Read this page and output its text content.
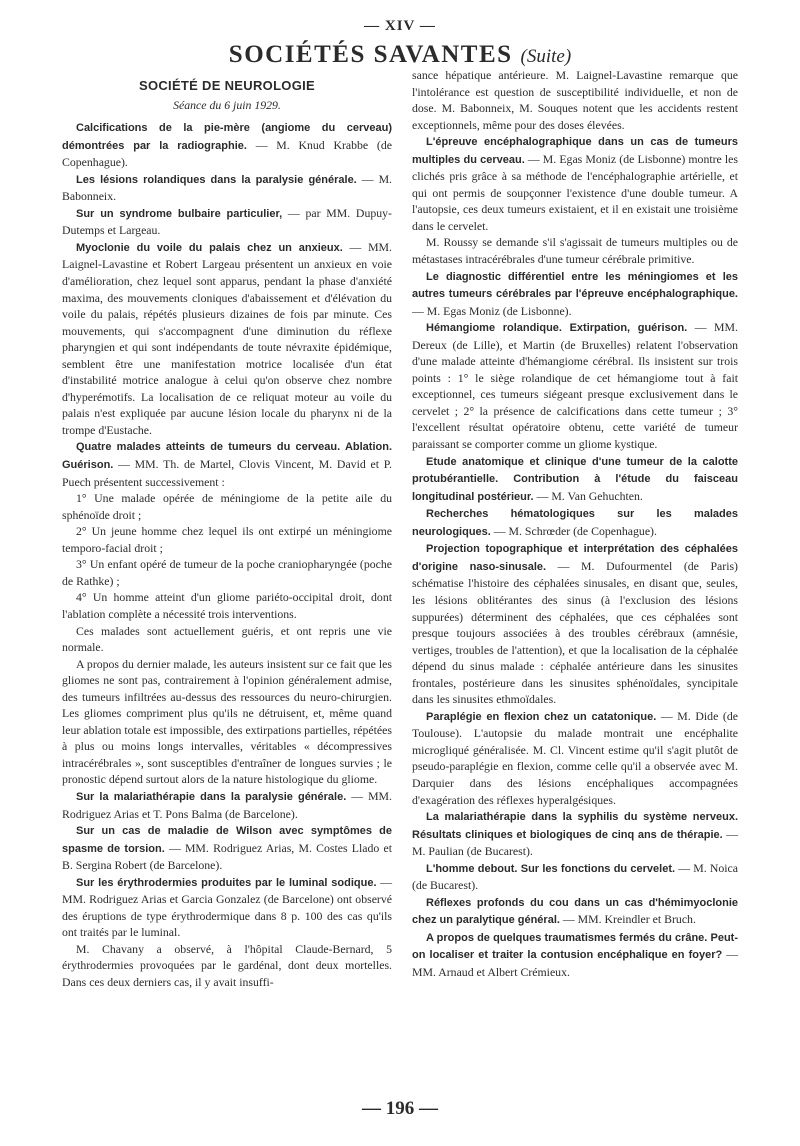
— XIV —
SOCIÉTÉS SAVANTES (Suite)
SOCIÉTÉ DE NEUROLOGIE
Séance du 6 juin 1929.

Calcifications de la pie-mère (angiome du cerveau) démontrées par la radiographie. — M. Knud Krabbe (de Copenhague).

Les lésions rolandiques dans la paralysie générale. — M. Babonneix.

Sur un syndrome bulbaire particulier, — par MM. Dupuy-Dutemps et Largeau.

Myoclonie du voile du palais chez un anxieux. — MM. Laignel-Lavastine et Robert Largeau présentent un anxieux en voie d'amélioration, chez lequel sont apparus, pendant la phase d'anxiété maxima, des mouvements cloniques d'abaissement et d'élévation du voile du palais, répétés plusieurs dizaines de fois par minute. Ces mouvements, qui s'accompagnent d'une diminution du réflexe pharyngien et qui sont indépendants de toute névraxite épidémique, semblent être une manifestation motrice localisée d'un état d'instabilité motrice analogue à celui qu'on observe chez nombre d'hyperémotifs. La localisation de ce reliquat moteur au voile du palais n'est expliquée par aucune lésion locale du pharynx ni de la trompe d'Eustache.

Quatre malades atteints de tumeurs du cerveau. Ablation. Guérison. — MM. Th. de Martel, Clovis Vincent, M. David et P. Puech présentent successivement :

1° Une malade opérée de méningiome de la petite aile du sphénoïde droit ;

2° Un jeune homme chez lequel ils ont extirpé un méningiome temporo-facial droit ;

3° Un enfant opéré de tumeur de la poche craniopharyngée (poche de Rathke) ;

4° Un homme atteint d'un gliome pariéto-occipital droit, dont l'ablation complète a nécessité trois interventions.

Ces malades sont actuellement guéris, et ont repris une vie normale.

A propos du dernier malade, les auteurs insistent sur ce fait que les gliomes ne sont pas, contrairement à l'opinion généralement admise, des tumeurs infiltrées au-dessus des ressources du neuro-chirurgien. Les gliomes compriment plus qu'ils ne détruisent, et, même quand leur ablation totale est impossible, des extirpations partielles, répétées à plus ou moins longs intervalles, véritables « décompressives intracérébrales », sont susceptibles d'entraîner de longues survies ; le pronostic dépend surtout alors de la nature histologique du gliome.

Sur la malariathérapie dans la paralysie générale. — MM. Rodriguez Arias et T. Pons Balma (de Barcelone).

Sur un cas de maladie de Wilson avec symptômes de spasme de torsion. — MM. Rodriguez Arias, M. Costes Llado et B. Sergina Robert (de Barcelone).

Sur les érythrodermies produites par le luminal sodique. — MM. Rodriguez Arias et Garcia Gonzalez (de Barcelone) ont observé des éruptions de type érythrodermique dans 8 p. 100 des cas qu'ils ont traités par le luminal.

M. Chavany a observé, à l'hôpital Claude-Bernard, 5 érythrodermies provoquées par le gardénal, dont deux mortelles. Dans ces deux derniers cas, il y avait insuffi-

sance hépatique antérieure. M. Laignel-Lavastine remarque que l'intolérance est question de susceptibilité individuelle, et non de dose. M. Babonneix, M. Souques notent que les accidents restent exceptionnels, même pour des doses élevées.

L'épreuve encéphalographique dans un cas de tumeurs multiples du cerveau. — M. Egas Moniz (de Lisbonne) montre les clichés pris grâce à sa méthode de l'encéphalographie artérielle, et qui ont permis de soupçonner l'existence d'une double tumeur. A l'autopsie, ces deux tumeurs existaient, et il en existait une troisième dans le cervelet.

M. Roussy se demande s'il s'agissait de tumeurs multiples ou de métastases intracérébrales d'une tumeur cérébrale primitive.

Le diagnostic différentiel entre les méningiomes et les autres tumeurs cérébrales par l'épreuve encéphalographique. — M. Egas Moniz (de Lisbonne).

Hémangiome rolandique. Extirpation, guérison. — MM. Dereux (de Lille), et Martin (de Bruxelles) relatent l'observation d'une malade atteinte d'hémangiome cérébral. Ils insistent sur trois points : 1° le siège rolandique de cet hémangiome tout à fait exceptionnel, ces tumeurs siégeant presque exclusivement dans le cervelet ; 2° la présence de calcifications dans cette tumeur ; 3° l'excellent résultat opératoire obtenu, cette variété de tumeur paraissant se comporter comme un gliome kystique.

Etude anatomique et clinique d'une tumeur de la calotte protubérantielle. Contribution à l'étude du faisceau longitudinal postérieur. — M. Van Gehuchten.

Recherches hématologiques sur les malades neurologiques. — M. Schrœder (de Copenhague).

Projection topographique et interprétation des céphalées d'origine naso-sinusale. — M. Dufourmentel (de Paris) schématise l'histoire des céphalées sinusales, en disant que, seules, les lésions oblitérantes des sinus (à l'exclusion des lésions suppurées) déterminent des céphalées, que ces céphalées sont presque toujours associées à des troubles cérébraux (amnésie, vertiges, troubles de l'attention), et que la localisation de la céphalée dépend du sinus malade : céphalée antérieure dans les sinusites frontales, postérieure dans les sinusites sphénoïdales, syncipitale dans les sinusites ethmoïdales.

Paraplégie en flexion chez un catatonique. — M. Dide (de Toulouse). L'autopsie du malade montrait une encéphalite microgliqué généralisée. M. Cl. Vincent estime qu'il s'agit plutôt de pseudo-paraplégie en flexion, comme celle qu'il a observée avec M. Darquier dans des lésions encéphaliques accompagnées d'exagération des réflexes hyperalgésiques.

La malariathérapie dans la syphilis du système nerveux. Résultats cliniques et biologiques de cinq ans de thérapie. — M. Paulian (de Bucarest).

L'homme debout. Sur les fonctions du cervelet. — M. Noica (de Bucarest).

Réflexes profonds du cou dans un cas d'hémimyoclonie chez un paralytique général. — MM. Kreindler et Bruch.

A propos de quelques traumatismes fermés du crâne. Peut-on localiser et traiter la contusion encéphalique en foyer? — MM. Arnaud et Albert Crémieux.

— 196 —
